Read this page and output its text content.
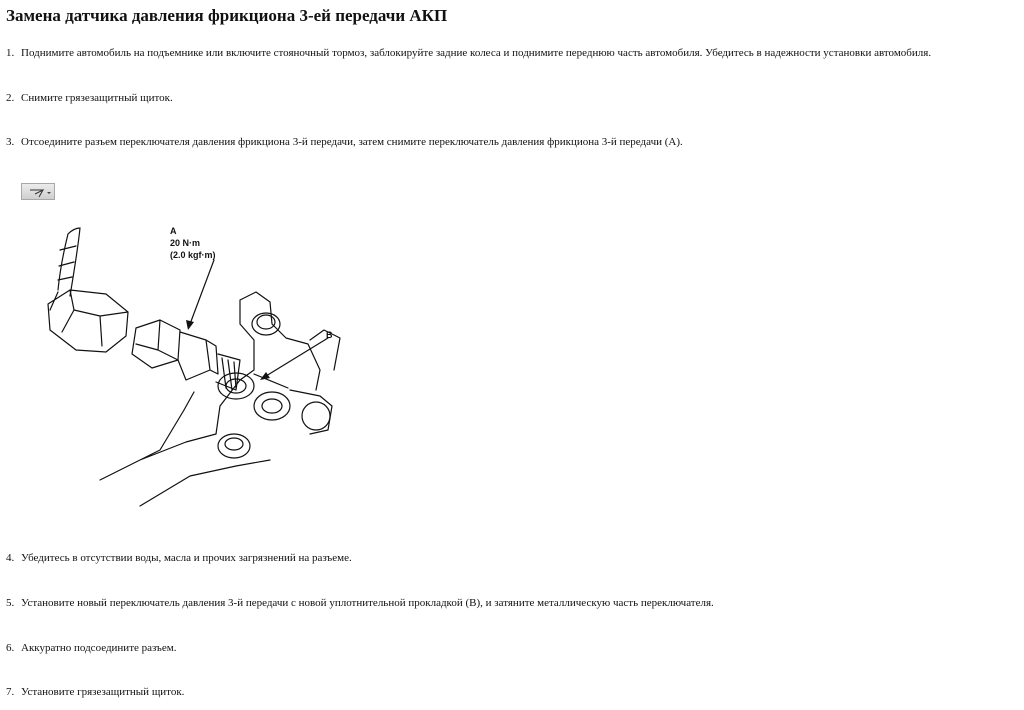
Замена датчика давления фрикциона 3-ей передачи АКП
1. Поднимите автомобиль на подъемнике или включите стояночный тормоз, заблокируйте задние колеса и поднимите переднюю часть автомобиля. Убедитесь в надежности установки автомобиля.
2. Снимите грязезащитный щиток.
3. Отсоедините разъем переключателя давления фрикциона 3-й передачи, затем снимите переключатель давления фрикциона 3-й передачи (A).
A
20 N·m
(2.0 kgf·m)
B
4. Убедитесь в отсутствии воды, масла и прочих загрязнений на разъеме.
5. Установите новый переключатель давления 3-й передачи с новой уплотнительной прокладкой (B), и затяните металлическую часть переключателя.
6. Аккуратно подсоедините разъем.
7. Установите грязезащитный щиток.
